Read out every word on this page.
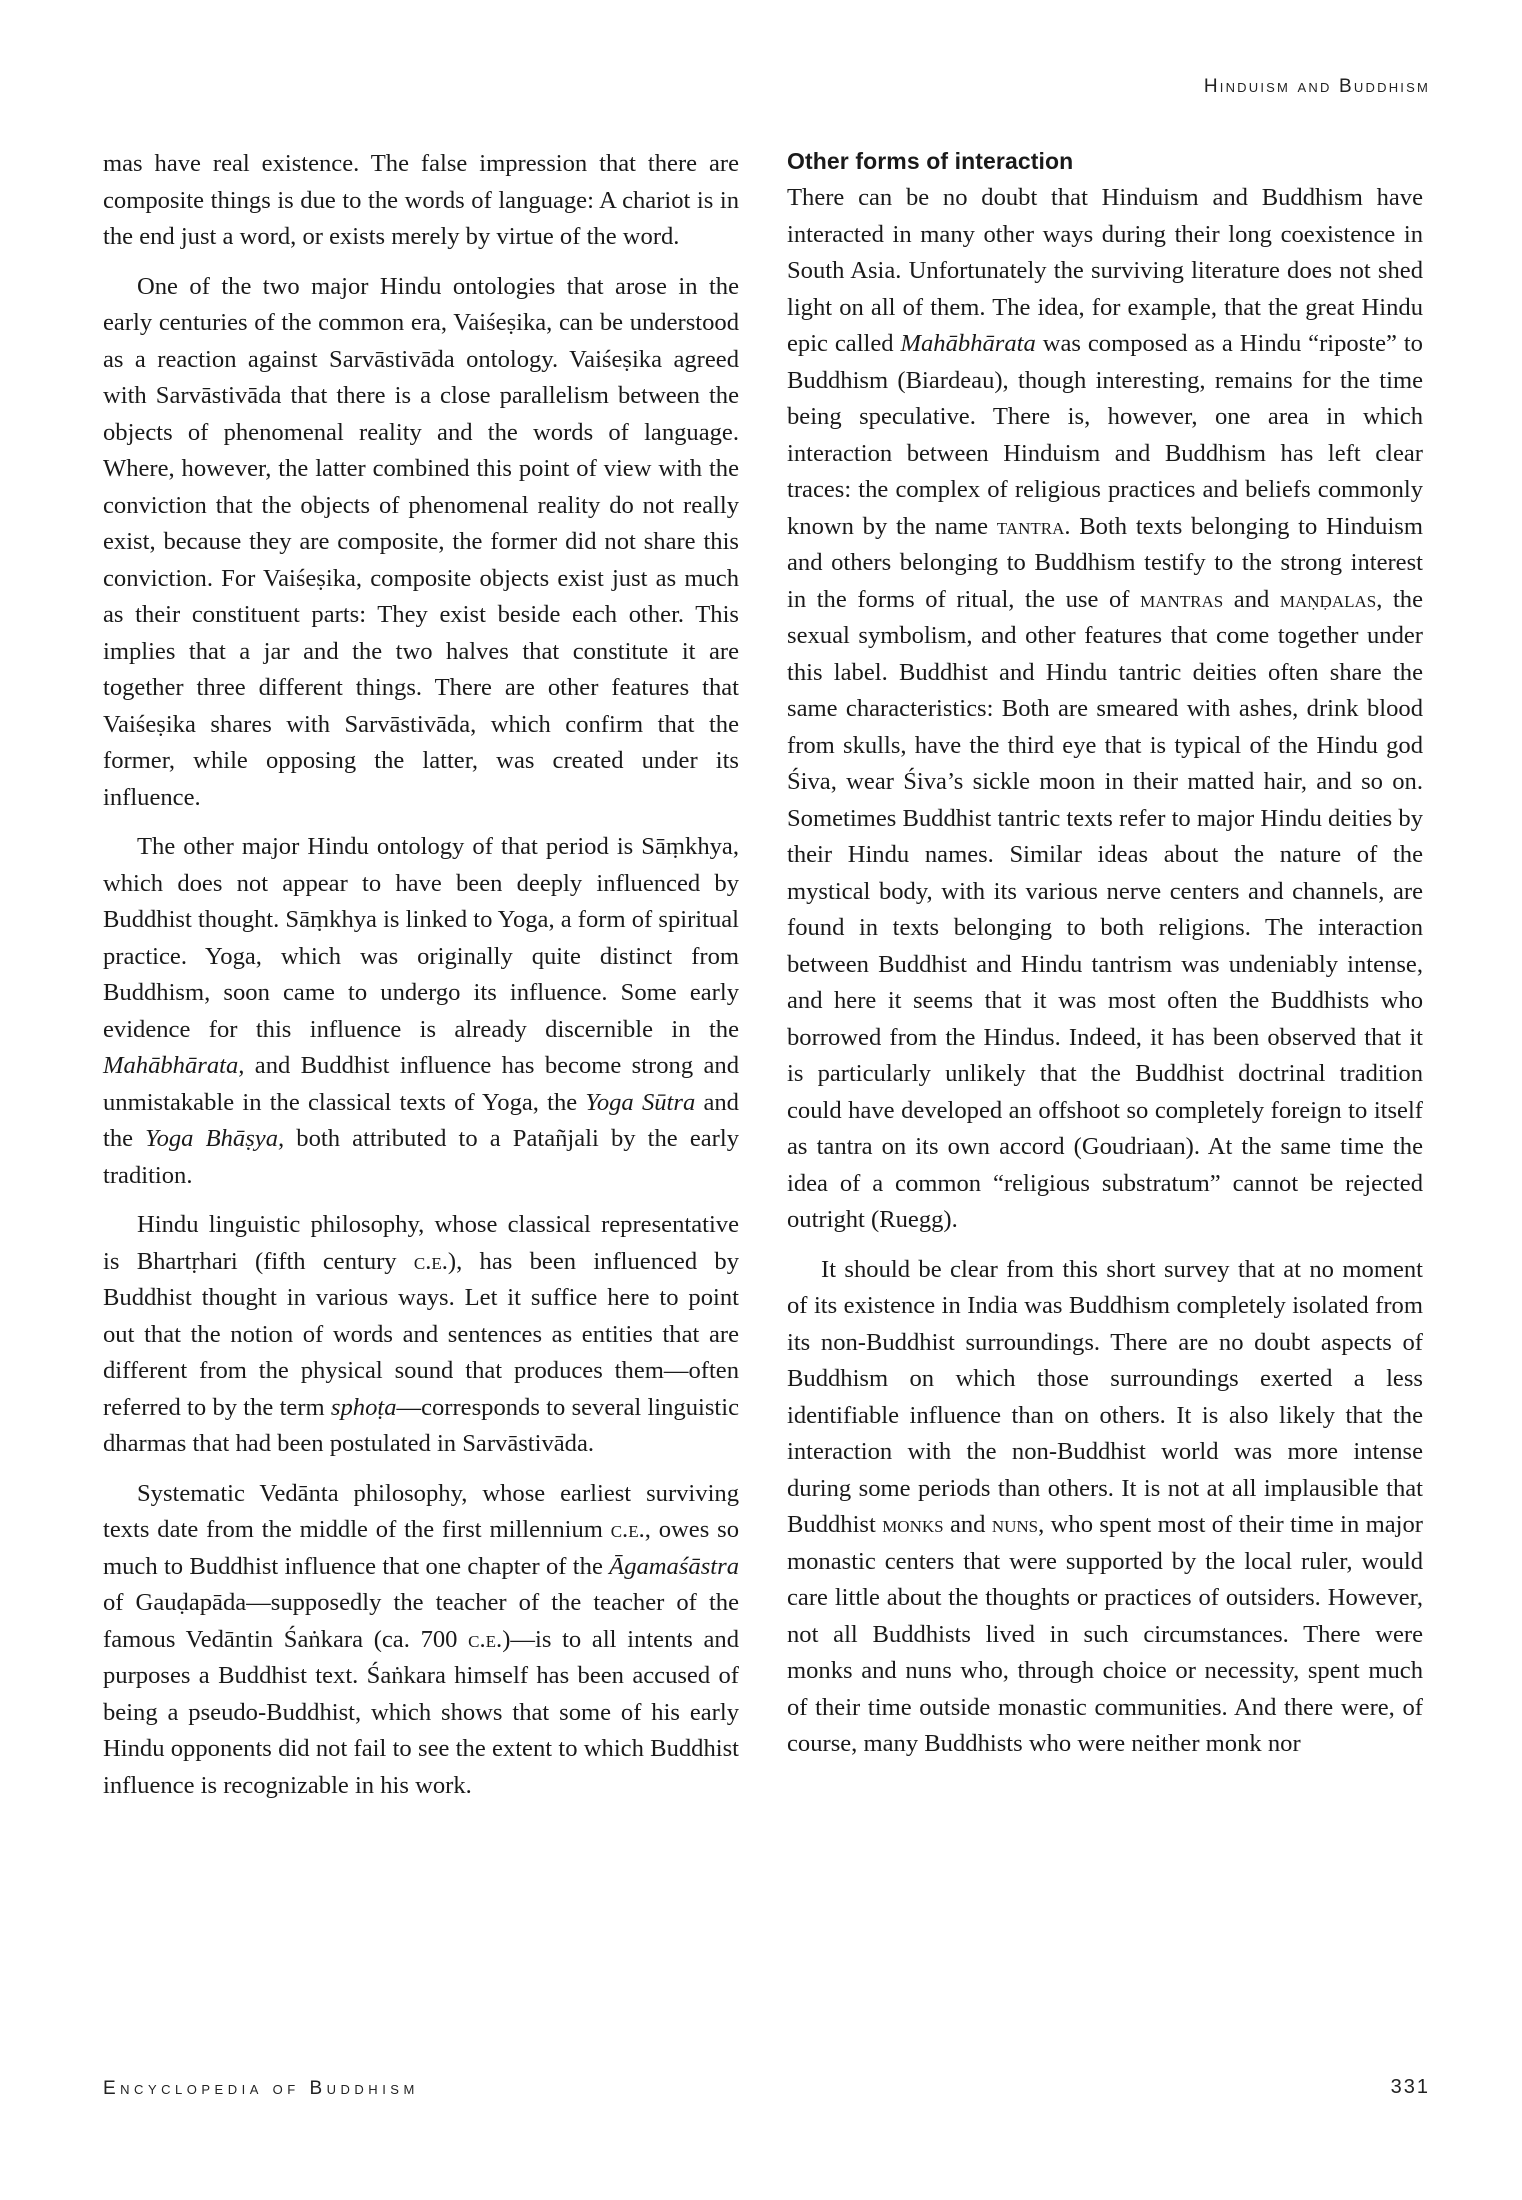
Hinduism and Buddhism

mas have real existence. The false impression that there are composite things is due to the words of language: A chariot is in the end just a word, or exists merely by virtue of the word.

One of the two major Hindu ontologies that arose in the early centuries of the common era, Vaiśeṣika, can be understood as a reaction against Sarvāstivāda ontology. Vaiśeṣika agreed with Sarvāstivāda that there is a close parallelism between the objects of phenomenal reality and the words of language. Where, however, the latter combined this point of view with the conviction that the objects of phenomenal reality do not really exist, because they are composite, the former did not share this conviction. For Vaiśeṣika, composite objects exist just as much as their constituent parts: They exist beside each other. This implies that a jar and the two halves that constitute it are together three different things. There are other features that Vaiśeṣika shares with Sarvāstivāda, which confirm that the former, while opposing the latter, was created under its influence.

The other major Hindu ontology of that period is Sāṃkhya, which does not appear to have been deeply influenced by Buddhist thought. Sāṃkhya is linked to Yoga, a form of spiritual practice. Yoga, which was originally quite distinct from Buddhism, soon came to undergo its influence. Some early evidence for this influence is already discernible in the Mahābhārata, and Buddhist influence has become strong and unmistakable in the classical texts of Yoga, the Yoga Sūtra and the Yoga Bhāṣya, both attributed to a Patañjali by the early tradition.

Hindu linguistic philosophy, whose classical representative is Bhartṛhari (fifth century c.e.), has been influenced by Buddhist thought in various ways. Let it suffice here to point out that the notion of words and sentences as entities that are different from the physical sound that produces them—often referred to by the term sphoṭa—corresponds to several linguistic dharmas that had been postulated in Sarvāstivāda.

Systematic Vedānta philosophy, whose earliest surviving texts date from the middle of the first millennium c.e., owes so much to Buddhist influence that one chapter of the Āgamaśāstra of Gauḍapāda—supposedly the teacher of the teacher of the famous Vedāntin Śaṅkara (ca. 700 c.e.)—is to all intents and purposes a Buddhist text. Śaṅkara himself has been accused of being a pseudo-Buddhist, which shows that some of his early Hindu opponents did not fail to see the extent to which Buddhist influence is recognizable in his work.

Other forms of interaction

There can be no doubt that Hinduism and Buddhism have interacted in many other ways during their long coexistence in South Asia. Unfortunately the surviving literature does not shed light on all of them. The idea, for example, that the great Hindu epic called Mahābhārata was composed as a Hindu “riposte” to Buddhism (Biardeau), though interesting, remains for the time being speculative. There is, however, one area in which interaction between Hinduism and Buddhism has left clear traces: the complex of religious practices and beliefs commonly known by the name tantra. Both texts belonging to Hinduism and others belonging to Buddhism testify to the strong interest in the forms of ritual, the use of mantras and maṇḍalas, the sexual symbolism, and other features that come together under this label. Buddhist and Hindu tantric deities often share the same characteristics: Both are smeared with ashes, drink blood from skulls, have the third eye that is typical of the Hindu god Śiva, wear Śiva’s sickle moon in their matted hair, and so on. Sometimes Buddhist tantric texts refer to major Hindu deities by their Hindu names. Similar ideas about the nature of the mystical body, with its various nerve centers and channels, are found in texts belonging to both religions. The interaction between Buddhist and Hindu tantrism was undeniably intense, and here it seems that it was most often the Buddhists who borrowed from the Hindus. Indeed, it has been observed that it is particularly unlikely that the Buddhist doctrinal tradition could have developed an offshoot so completely foreign to itself as tantra on its own accord (Goudriaan). At the same time the idea of a common “religious substratum” cannot be rejected outright (Ruegg).

It should be clear from this short survey that at no moment of its existence in India was Buddhism completely isolated from its non-Buddhist surroundings. There are no doubt aspects of Buddhism on which those surroundings exerted a less identifiable influence than on others. It is also likely that the interaction with the non-Buddhist world was more intense during some periods than others. It is not at all implausible that Buddhist monks and nuns, who spent most of their time in major monastic centers that were supported by the local ruler, would care little about the thoughts or practices of outsiders. However, not all Buddhists lived in such circumstances. There were monks and nuns who, through choice or necessity, spent much of their time outside monastic communities. And there were, of course, many Buddhists who were neither monk nor

Encyclopedia of Buddhism	331
